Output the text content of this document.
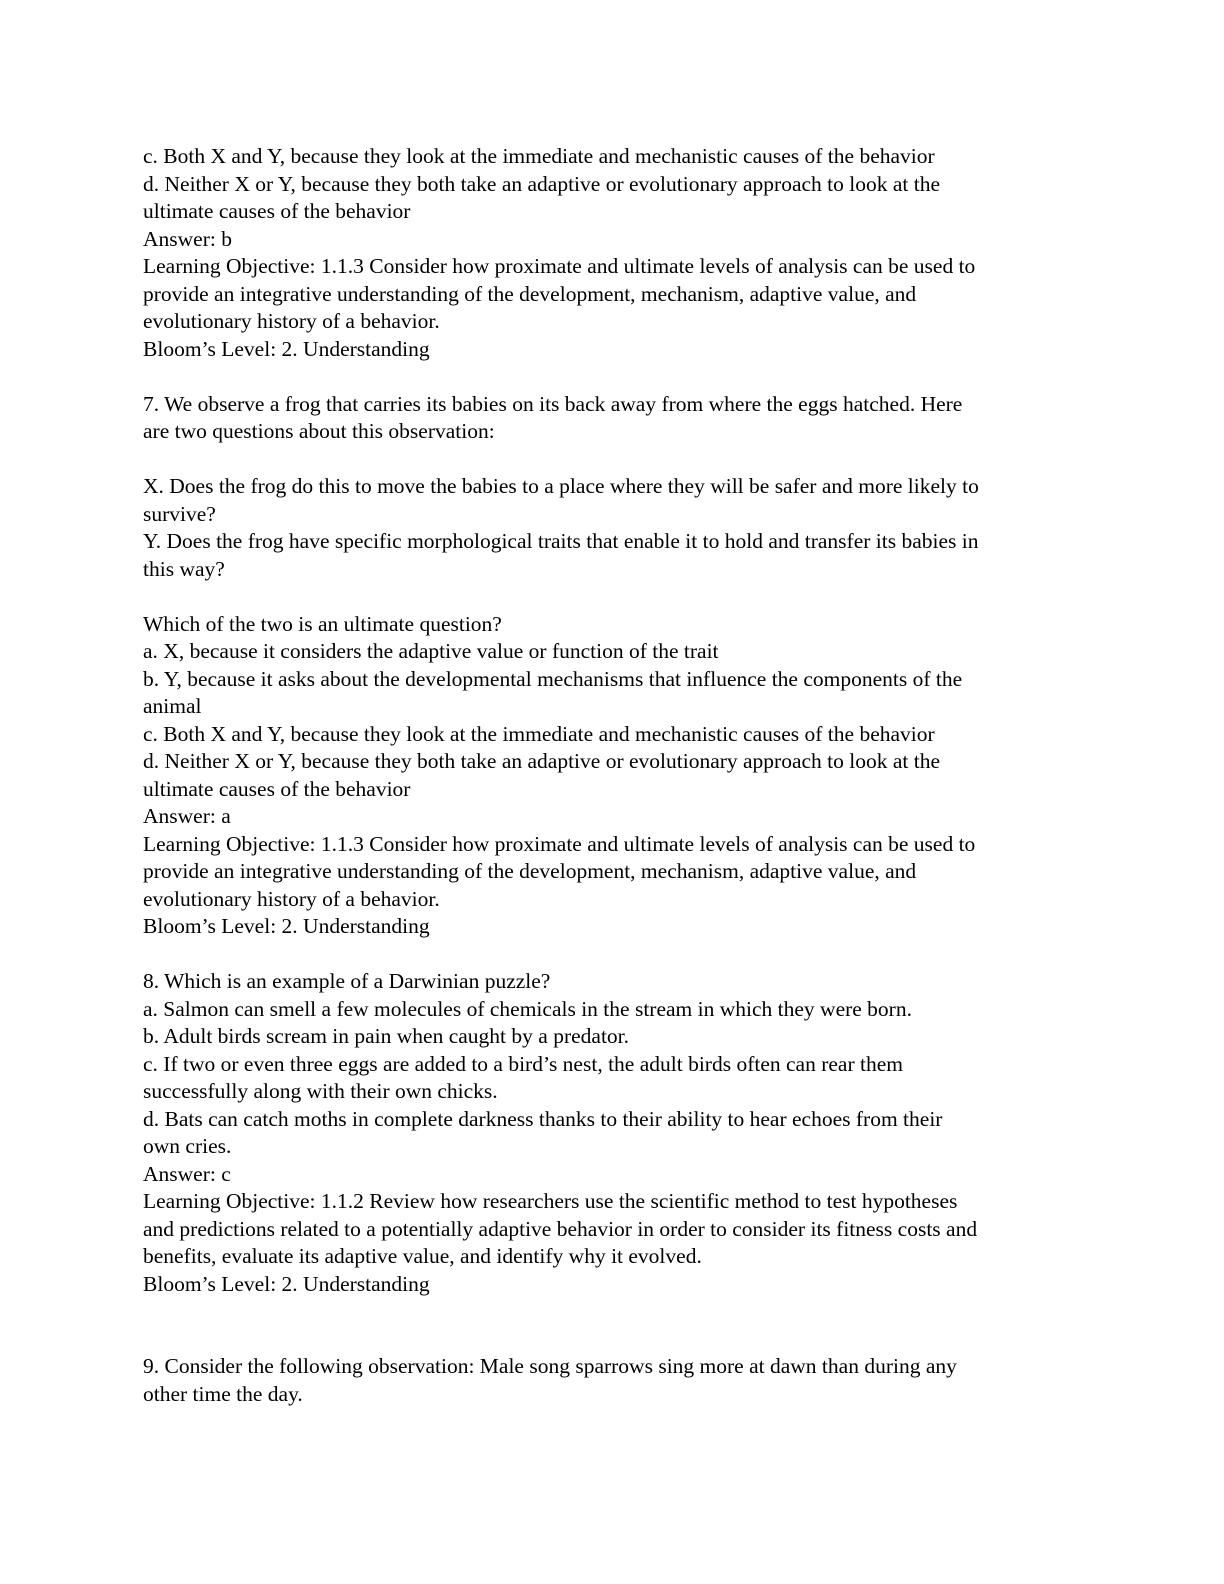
c. Both X and Y, because they look at the immediate and mechanistic causes of the behavior

d. Neither X or Y, because they both take an adaptive or evolutionary approach to look at the

ultimate causes of the behavior

Answer: b

Learning Objective: 1.1.3 Consider how proximate and ultimate levels of analysis can be used to

provide an integrative understanding of the development, mechanism, adaptive value, and

evolutionary history of a behavior.

Bloom’s Level: 2. Understanding

7. We observe a frog that carries its babies on its back away from where the eggs hatched. Here

are two questions about this observation:

X. Does the frog do this to move the babies to a place where they will be safer and more likely to

survive?

Y. Does the frog have specific morphological traits that enable it to hold and transfer its babies in

this way?

Which of the two is an ultimate question?

a. X, because it considers the adaptive value or function of the trait

b. Y, because it asks about the developmental mechanisms that influence the components of the

animal

c. Both X and Y, because they look at the immediate and mechanistic causes of the behavior

d. Neither X or Y, because they both take an adaptive or evolutionary approach to look at the

ultimate causes of the behavior

Answer: a

Learning Objective: 1.1.3 Consider how proximate and ultimate levels of analysis can be used to

provide an integrative understanding of the development, mechanism, adaptive value, and

evolutionary history of a behavior.

Bloom’s Level: 2. Understanding

8. Which is an example of a Darwinian puzzle?

a. Salmon can smell a few molecules of chemicals in the stream in which they were born.

b. Adult birds scream in pain when caught by a predator.

c. If two or even three eggs are added to a bird’s nest, the adult birds often can rear them

successfully along with their own chicks.

d. Bats can catch moths in complete darkness thanks to their ability to hear echoes from their

own cries.

Answer: c

Learning Objective: 1.1.2 Review how researchers use the scientific method to test hypotheses

and predictions related to a potentially adaptive behavior in order to consider its fitness costs and

benefits, evaluate its adaptive value, and identify why it evolved.

Bloom’s Level: 2. Understanding

9. Consider the following observation: Male song sparrows sing more at dawn than during any

other time the day.
